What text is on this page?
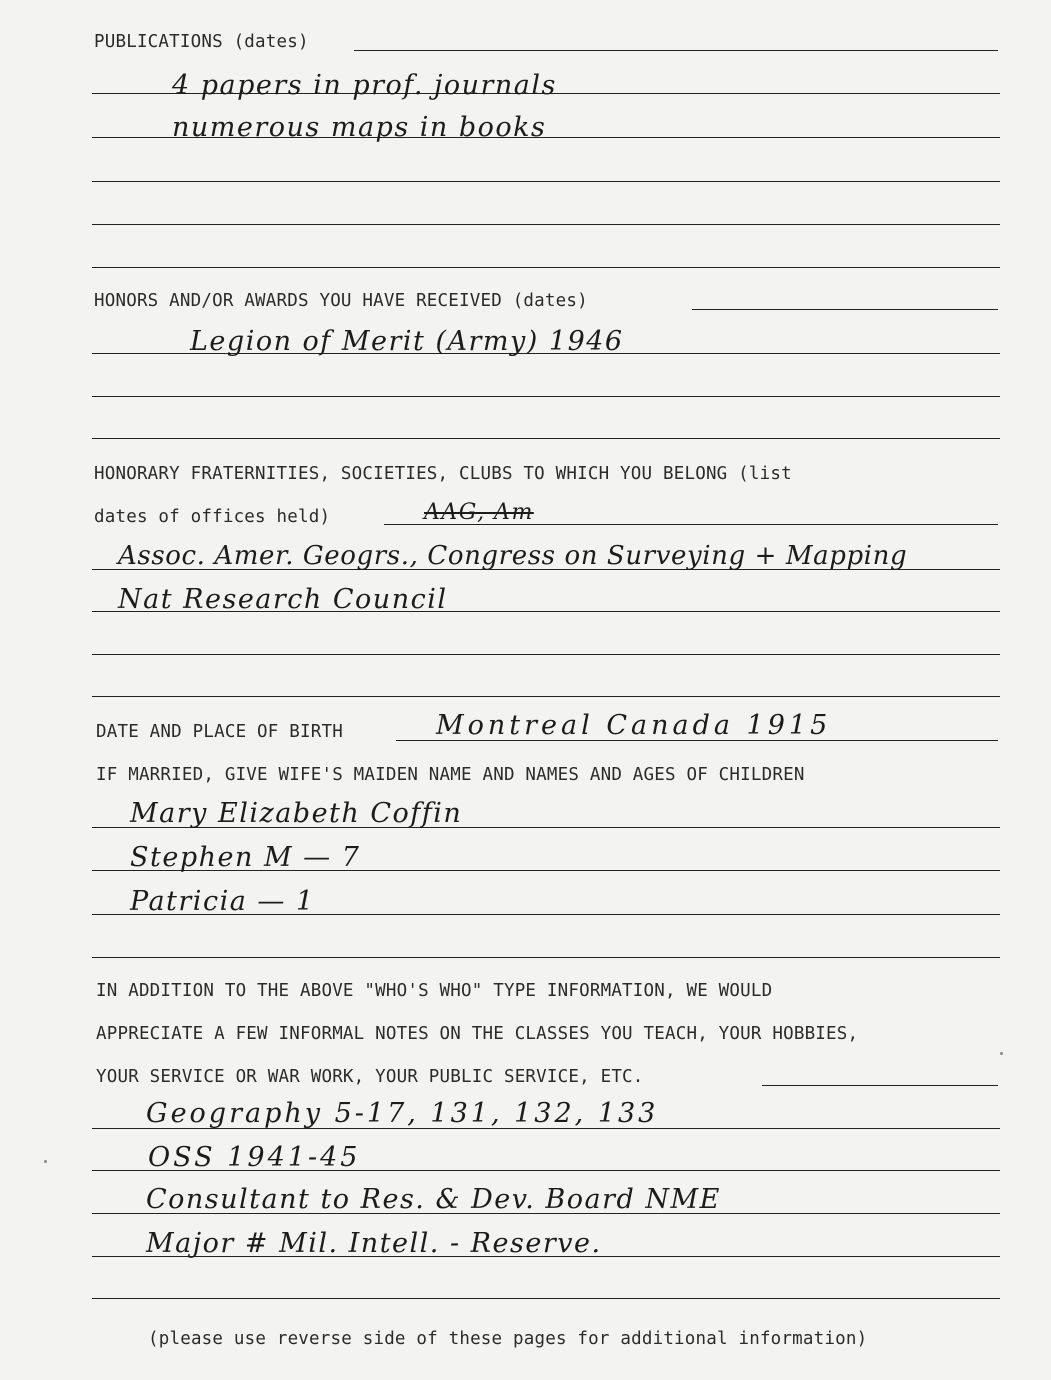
PUBLICATIONS (dates)
4 papers in prof. journals
numerous maps in books
HONORS AND/OR AWARDS YOU HAVE RECEIVED (dates)
Legion of Merit (Army) 1946
HONORARY FRATERNITIES, SOCIETIES, CLUBS TO WHICH YOU BELONG (list
dates of offices held)	AAG, Am
Assoc. Amer. Geogrs., Congress on Surveying + Mapping
Nat Research Council
DATE AND PLACE OF BIRTH	Montreal Canada 1915
IF MARRIED, GIVE WIFE'S MAIDEN NAME AND NAMES AND AGES OF CHILDREN
Mary Elizabeth Coffin
Stephen M — 7
Patricia — 1
IN ADDITION TO THE ABOVE "WHO'S WHO" TYPE INFORMATION, WE WOULD
APPRECIATE A FEW INFORMAL NOTES ON THE CLASSES YOU TEACH, YOUR HOBBIES,
YOUR SERVICE OR WAR WORK, YOUR PUBLIC SERVICE, ETC.
Geography 5-17, 131, 132, 133
OSS 1941-45
Consultant to Res. & Dev. Board NME
Major # Mil. Intell. - Reserve.
(please use reverse side of these pages for additional information)
